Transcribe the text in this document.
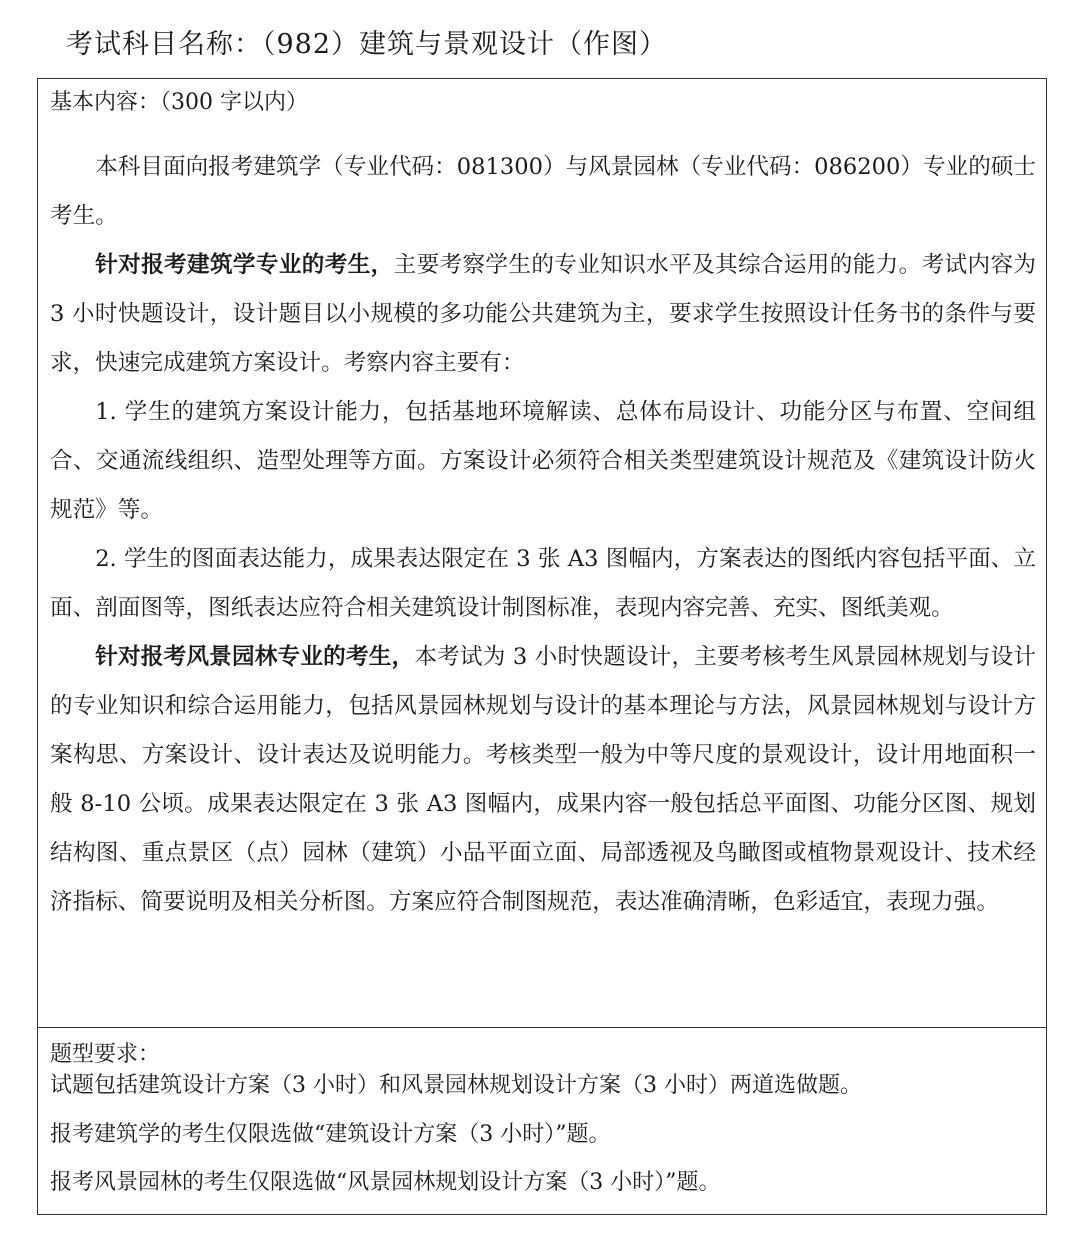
考试科目名称：（982）建筑与景观设计（作图）
基本内容：（300 字以内）

本科目面向报考建筑学（专业代码：081300）与风景园林（专业代码：086200）专业的硕士考生。

针对报考建筑学专业的考生，主要考察学生的专业知识水平及其综合运用的能力。考试内容为 3 小时快题设计，设计题目以小规模的多功能公共建筑为主，要求学生按照设计任务书的条件与要求，快速完成建筑方案设计。考察内容主要有：

1. 学生的建筑方案设计能力，包括基地环境解读、总体布局设计、功能分区与布置、空间组合、交通流线组织、造型处理等方面。方案设计必须符合相关类型建筑设计规范及《建筑设计防火规范》等。

2. 学生的图面表达能力，成果表达限定在 3 张 A3 图幅内，方案表达的图纸内容包括平面、立面、剖面图等，图纸表达应符合相关建筑设计制图标准，表现内容完善、充实、图纸美观。

针对报考风景园林专业的考生，本考试为 3 小时快题设计，主要考核考生风景园林规划与设计的专业知识和综合运用能力，包括风景园林规划与设计的基本理论与方法，风景园林规划与设计方案构思、方案设计、设计表达及说明能力。考核类型一般为中等尺度的景观设计，设计用地面积一般 8-10 公顷。成果表达限定在 3 张 A3 图幅内，成果内容一般包括总平面图、功能分区图、规划结构图、重点景区（点）园林（建筑）小品平面立面、局部透视及鸟瞰图或植物景观设计、技术经济指标、简要说明及相关分析图。方案应符合制图规范，表达准确清晰，色彩适宜，表现力强。

题型要求：
试题包括建筑设计方案（3 小时）和风景园林规划设计方案（3 小时）两道选做题。
报考建筑学的考生仅限选做“建筑设计方案（3 小时）”题。
报考风景园林的考生仅限选做“风景园林规划设计方案（3 小时）”题。
